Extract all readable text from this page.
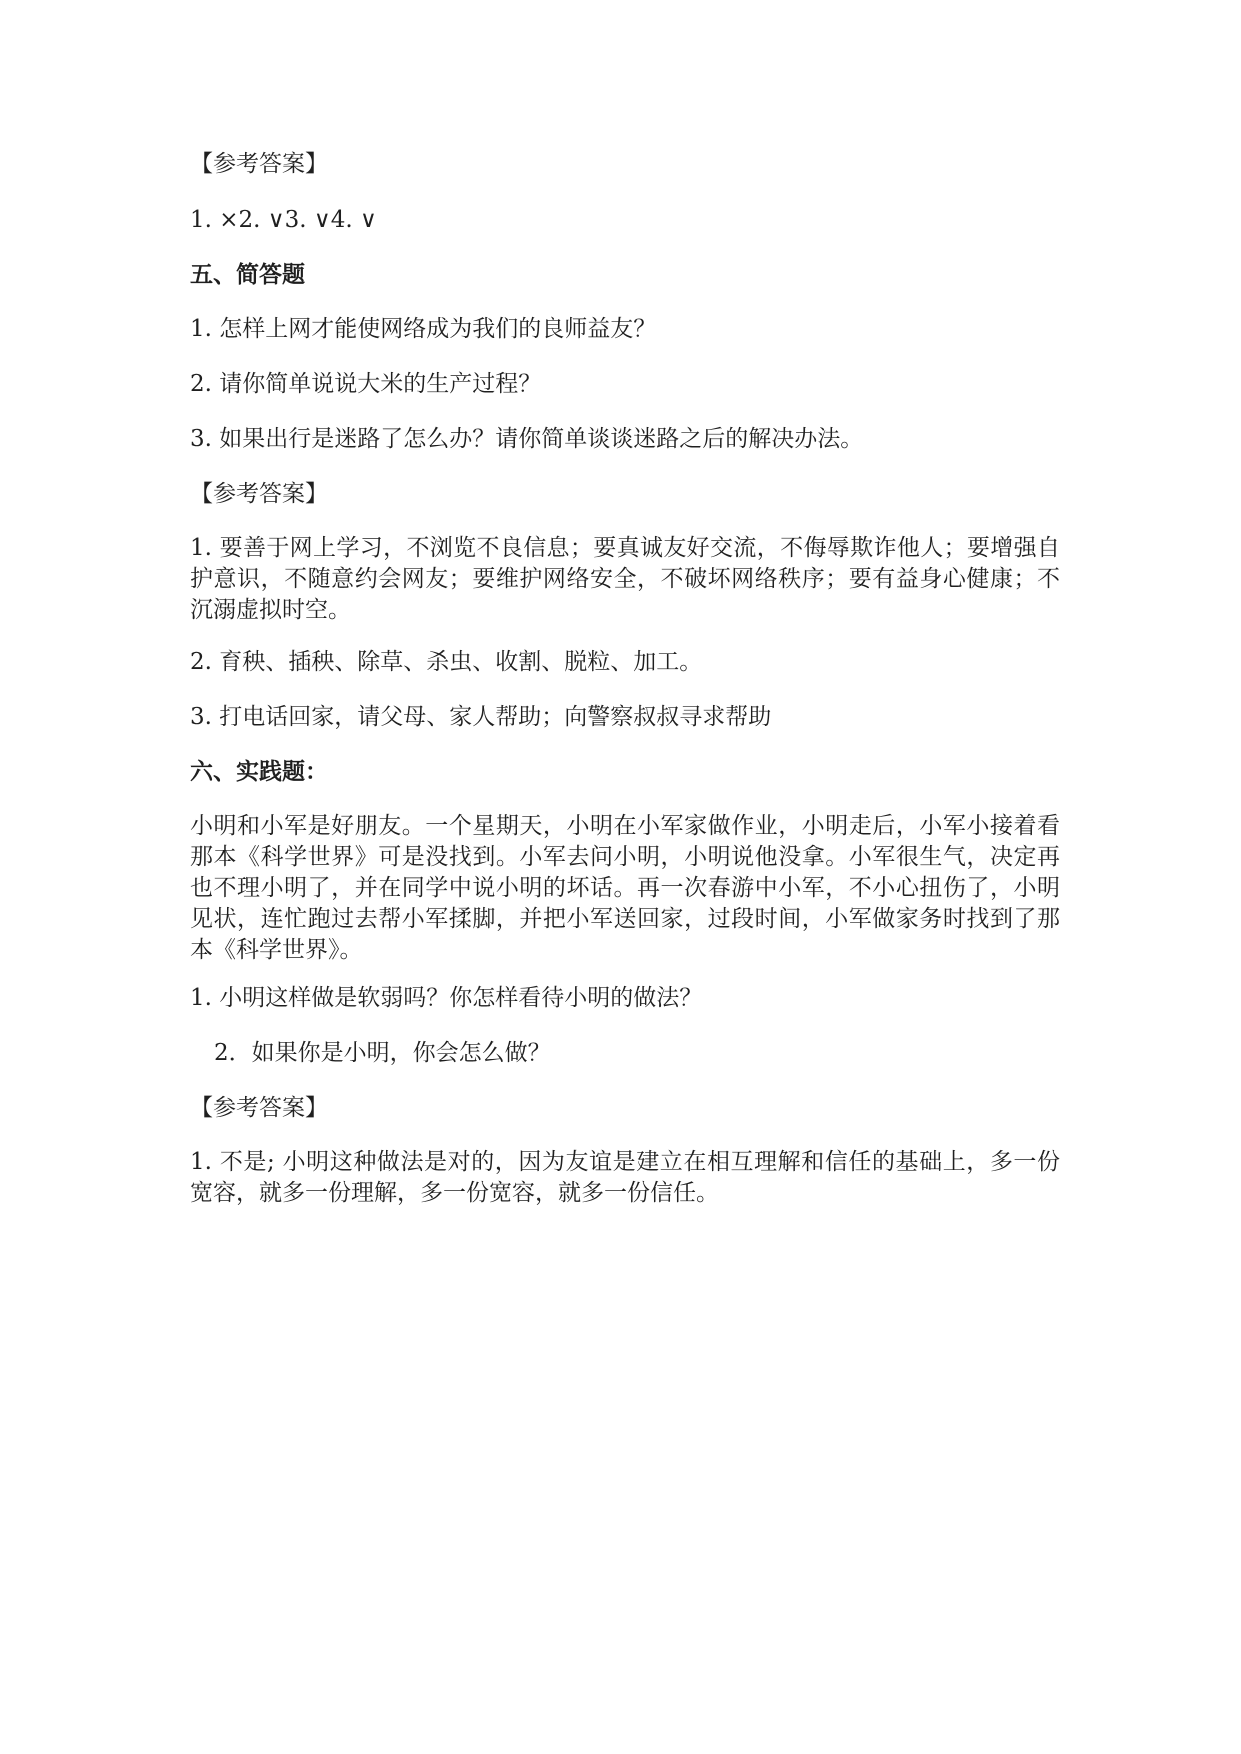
【参考答案】
1. ×2. ∨3. ∨4. ∨
五、简答题
1. 怎样上网才能使网络成为我们的良师益友？
2. 请你简单说说大米的生产过程？
3. 如果出行是迷路了怎么办？请你简单谈谈迷路之后的解决办法。
【参考答案】
1. 要善于网上学习，不浏览不良信息；要真诚友好交流，不侮辱欺诈他人；要增强自护意识，不随意约会网友；要维护网络安全，不破坏网络秩序；要有益身心健康；不沉溺虚拟时空。
2. 育秧、插秧、除草、杀虫、收割、脱粒、加工。
3. 打电话回家，请父母、家人帮助；向警察叔叔寻求帮助
六、实践题：
小明和小军是好朋友。一个星期天，小明在小军家做作业，小明走后，小军小接着看那本《科学世界》可是没找到。小军去问小明，小明说他没拿。小军很生气，决定再也不理小明了，并在同学中说小明的坏话。再一次春游中小军，不小心扭伤了，小明见状，连忙跑过去帮小军揉脚，并把小军送回家，过段时间，小军做家务时找到了那本《科学世界》。
1. 小明这样做是软弱吗？你怎样看待小明的做法？
2．如果你是小明，你会怎么做？
【参考答案】
1. 不是; 小明这种做法是对的，因为友谊是建立在相互理解和信任的基础上，多一份宽容，就多一份理解，多一份宽容，就多一份信任。
